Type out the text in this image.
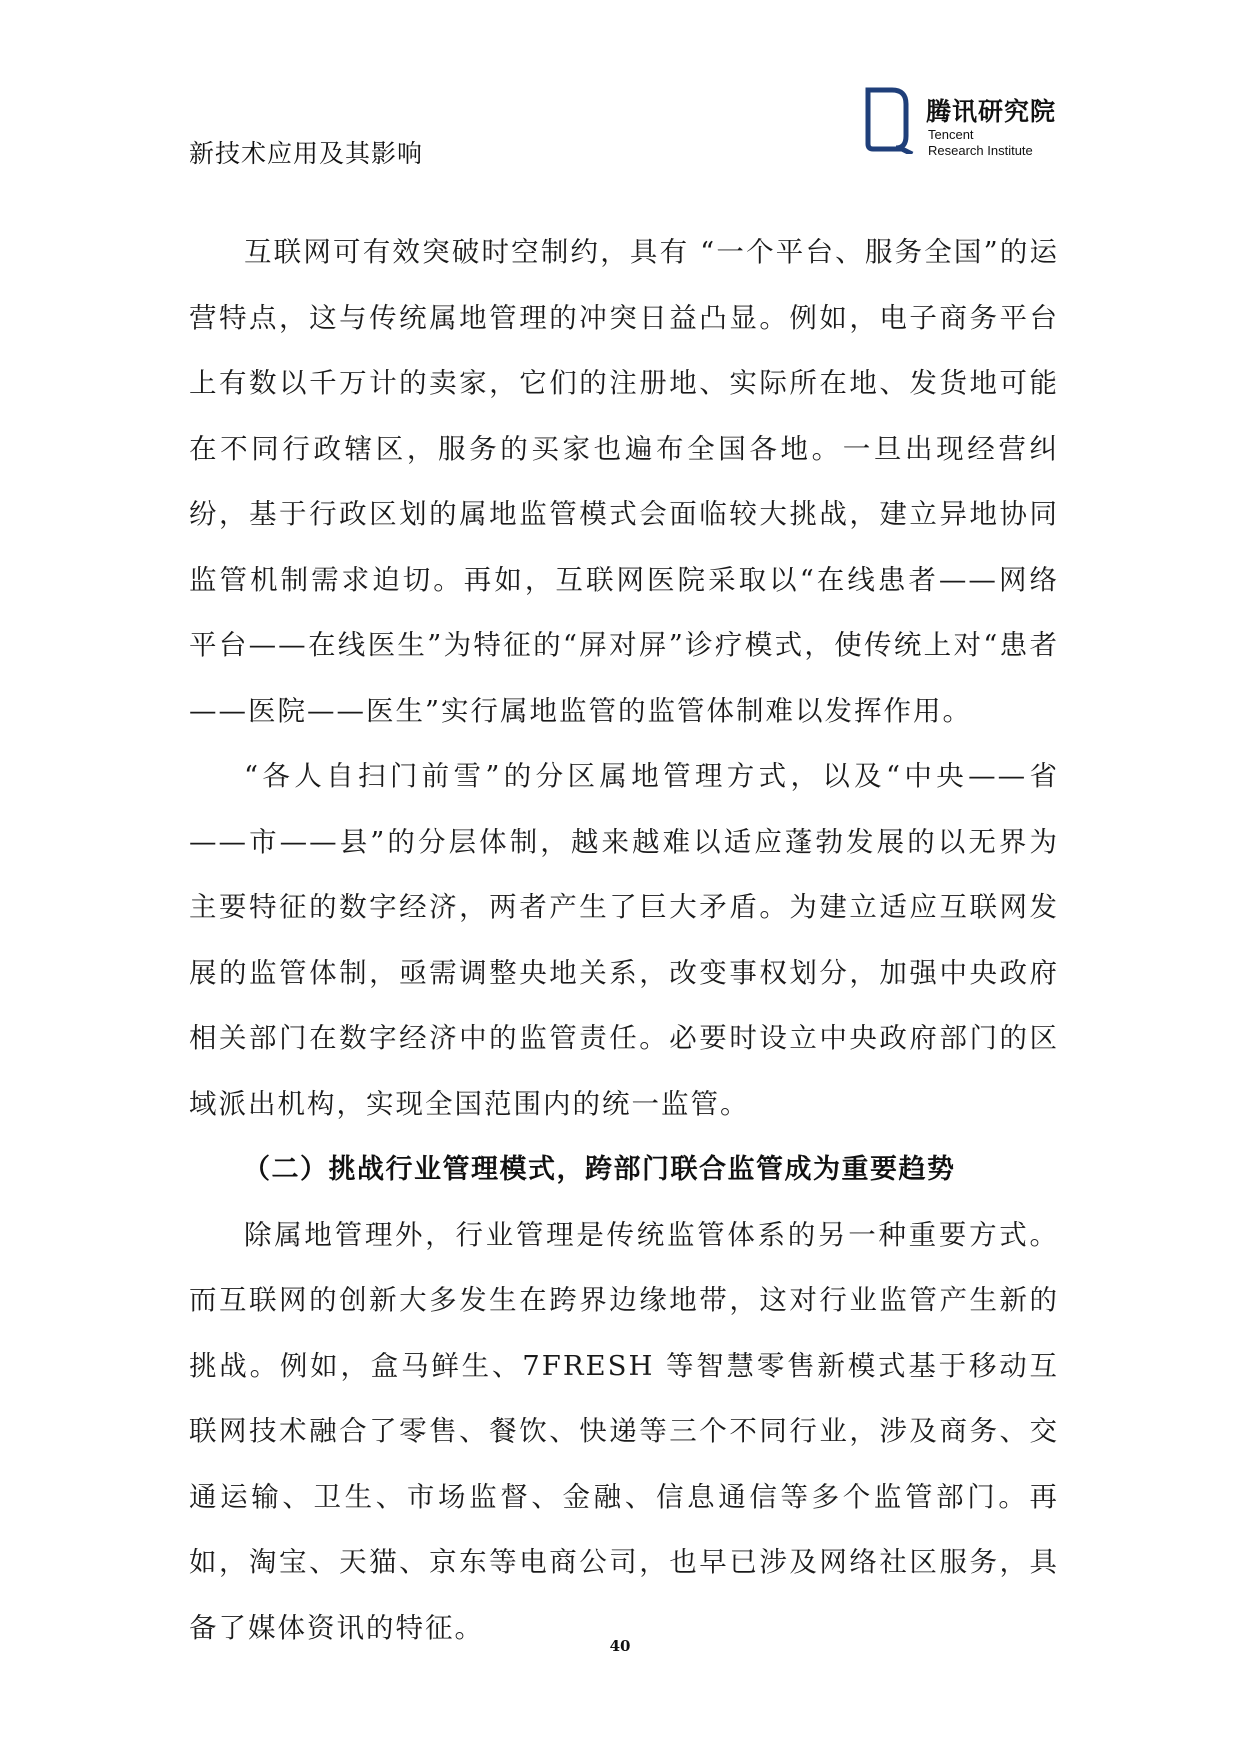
新技术应用及其影响
腾讯研究院
Tencent
Research Institute

互联网可有效突破时空制约，具有 “一个平台、服务全国”的运营特点，这与传统属地管理的冲突日益凸显。例如，电子商务平台上有数以千万计的卖家，它们的注册地、实际所在地、发货地可能在不同行政辖区，服务的买家也遍布全国各地。一旦出现经营纠纷，基于行政区划的属地监管模式会面临较大挑战，建立异地协同监管机制需求迫切。再如，互联网医院采取以“在线患者——网络平台——在线医生”为特征的“屏对屏”诊疗模式，使传统上对“患者——医院——医生”实行属地监管的监管体制难以发挥作用。

“各人自扫门前雪”的分区属地管理方式，以及“中央——省——市——县”的分层体制，越来越难以适应蓬勃发展的以无界为主要特征的数字经济，两者产生了巨大矛盾。为建立适应互联网发展的监管体制，亟需调整央地关系，改变事权划分，加强中央政府相关部门在数字经济中的监管责任。必要时设立中央政府部门的区域派出机构，实现全国范围内的统一监管。

（二）挑战行业管理模式，跨部门联合监管成为重要趋势

除属地管理外，行业管理是传统监管体系的另一种重要方式。而互联网的创新大多发生在跨界边缘地带，这对行业监管产生新的挑战。例如，盒马鲜生、7FRESH 等智慧零售新模式基于移动互联网技术融合了零售、餐饮、快递等三个不同行业，涉及商务、交通运输、卫生、市场监督、金融、信息通信等多个监管部门。再如，淘宝、天猫、京东等电商公司，也早已涉及网络社区服务，具备了媒体资讯的特征。

40
